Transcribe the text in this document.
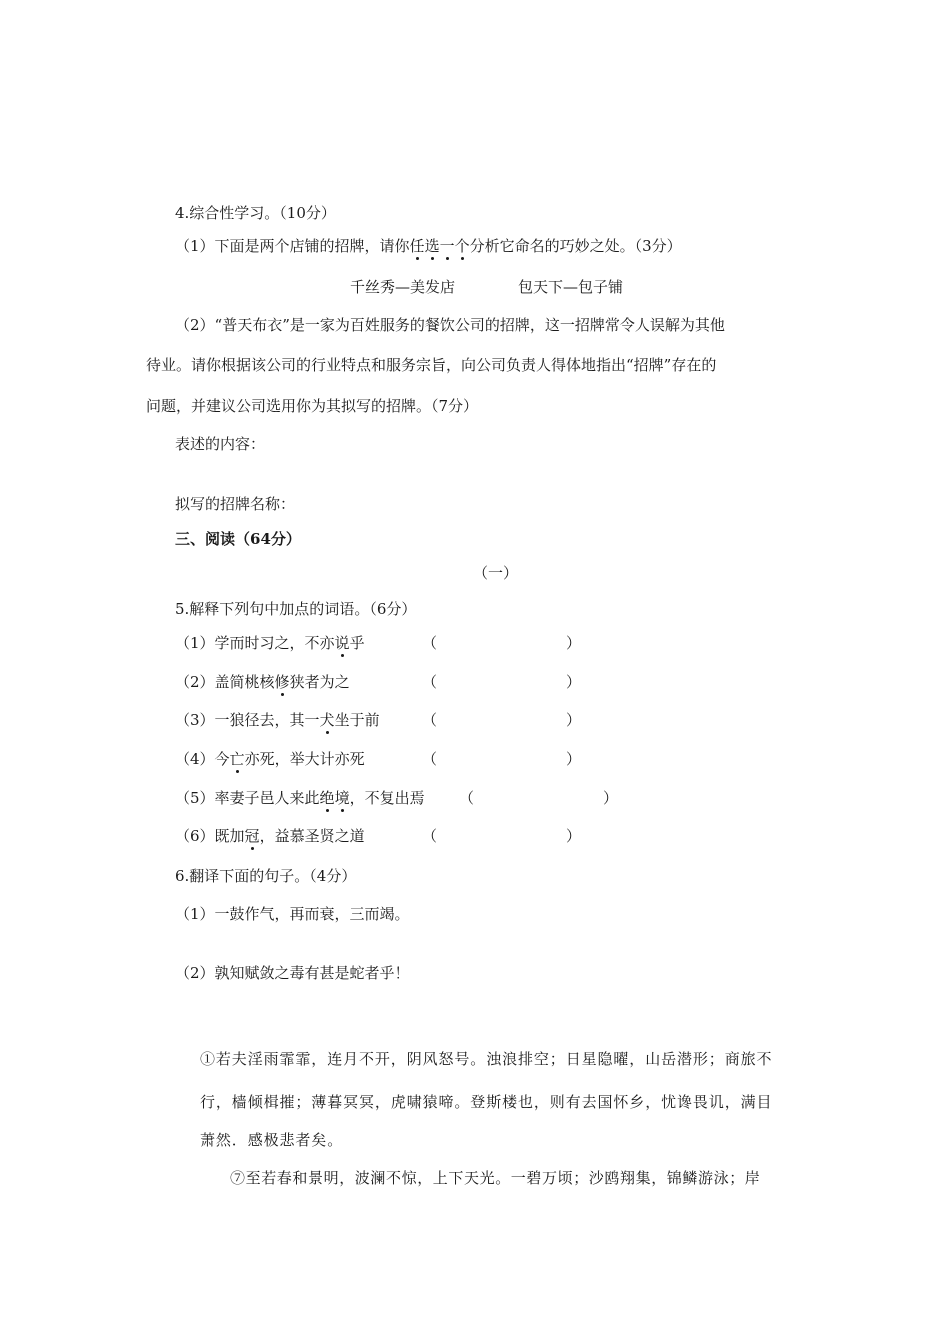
4.综合性学习。（10分）
（1）下面是两个店铺的招牌，请你任选一个分析它命名的巧妙之处。（3分）
千丝秀—美发店	包天下—包子铺
（2）“普天布衣”是一家为百姓服务的餐饮公司的招牌，这一招牌常令人误解为其他
待业。请你根据该公司的行业特点和服务宗旨，向公司负责人得体地指出“招牌”存在的
问题，并建议公司选用你为其拟写的招牌。（7分）
表述的内容：
拟写的招牌名称：
三、阅读（64分）
（一）
5.解释下列句中加点的词语。（6分）
（1）学而时习之，不亦说乎	（	）
（2）盖简桃核修狭者为之	（	）
（3）一狼径去，其一犬坐于前	（	）
（4）今亡亦死，举大计亦死	（	）
（5）率妻子邑人来此绝境，不复出焉 （	）
（6）既加冠，益慕圣贤之道	（	）
6.翻译下面的句子。（4分）
（1）一鼓作气，再而衰，三而竭。
（2）孰知赋敛之毒有甚是蛇者乎！
①若夫淫雨霏霏，连月不开，阴风怒号。浊浪排空；日星隐曜，山岳潜形；商旅不
行，樯倾楫摧；薄暮冥冥，虎啸猿啼。登斯楼也，则有去国怀乡，忧谗畏讥，满目
萧然．感极悲者矣。
⑦至若春和景明，波澜不惊，上下天光。一碧万顷；沙鸥翔集，锦鳞游泳；岸
